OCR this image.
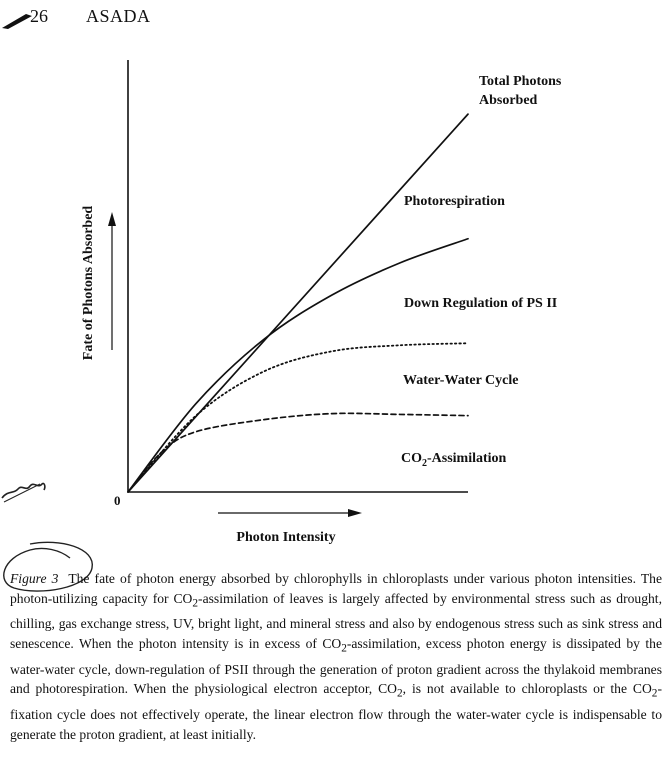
26 ASADA
Fate of Photons Absorbed
Photon Intensity
0
Total Photons
Absorbed
Photorespiration
Down Regulation of PS II
Water-Water Cycle
$CO_2$-Assimilation
Figure 3 The fate of photon energy absorbed by chlorophylls in chloroplasts under various photon intensities. The photon-utilizing capacity for $CO_2$-assimilation of leaves is largely affected by environmental stress such as drought, chilling, gas exchange stress, UV, bright light, and mineral stress and also by endogenous stress such as sink stress and senescence. When the photon intensity is in excess of $CO_2$-assimilation, excess photon energy is dissipated by the water-water cycle, down-regulation of PSII through the generation of proton gradient across the thylakoid membranes and photorespiration. When the physiological electron acceptor, $CO_2$, is not available to chloroplasts or the $CO_2$-fixation cycle does not effectively operate, the linear electron flow through the water-water cycle is indispensable to generate the proton gradient, at least initially.
